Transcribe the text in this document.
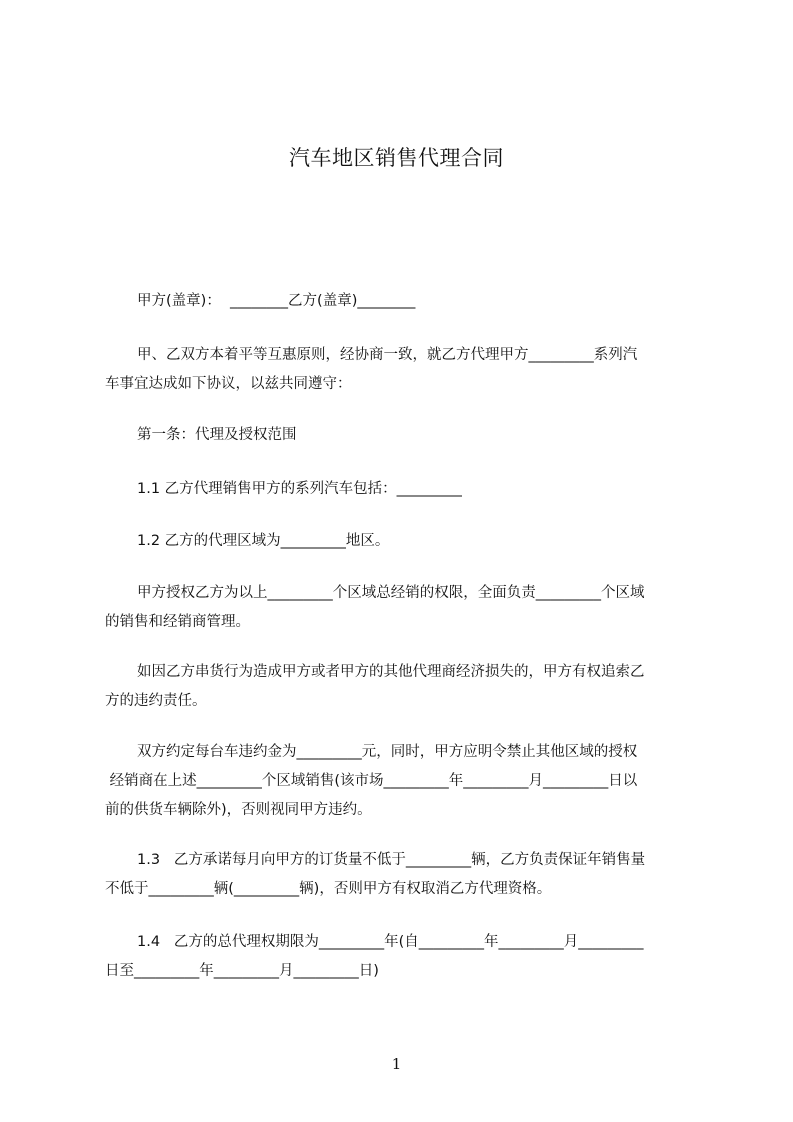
汽车地区销售代理合同
甲方(盖章)：  ________乙方(盖章)________
甲、乙双方本着平等互惠原则，经协商一致，就乙方代理甲方_________系列汽
车事宜达成如下协议，以兹共同遵守：
第一条：代理及授权范围
1.1 乙方代理销售甲方的系列汽车包括：_________
1.2 乙方的代理区域为_________地区。
甲方授权乙方为以上_________个区域总经销的权限，全面负责_________个区域
的销售和经销商管理。
如因乙方串货行为造成甲方或者甲方的其他代理商经济损失的，甲方有权追索乙
方的违约责任。
双方约定每台车违约金为_________元，同时，甲方应明令禁止其他区域的授权
经销商在上述_________个区域销售(该市场_________年_________月_________日以
前的供货车辆除外)，否则视同甲方违约。
1.3   乙方承诺每月向甲方的订货量不低于_________辆，乙方负责保证年销售量
不低于_________辆(_________辆)，否则甲方有权取消乙方代理资格。
1.4   乙方的总代理权期限为_________年(自_________年_________月_________
日至_________年_________月_________日)
1
